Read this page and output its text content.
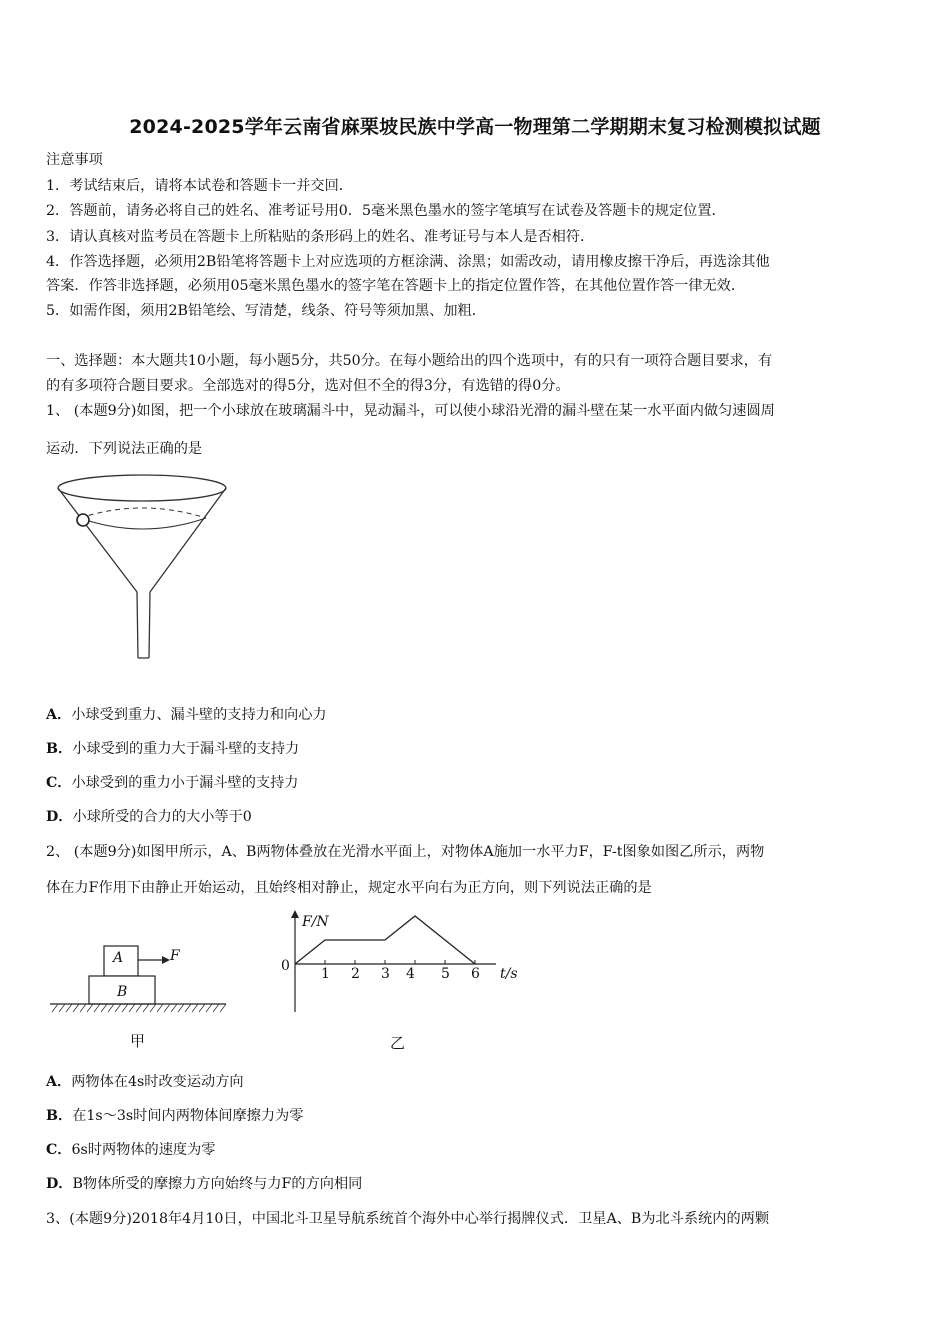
2024-2025学年云南省麻栗坡民族中学高一物理第二学期期末复习检测模拟试题
注意事项
1．考试结束后，请将本试卷和答题卡一并交回．
2．答题前，请务必将自己的姓名、准考证号用0．5毫米黑色墨水的签字笔填写在试卷及答题卡的规定位置．
3．请认真核对监考员在答题卡上所粘贴的条形码上的姓名、准考证号与本人是否相符．
4．作答选择题，必须用2B铅笔将答题卡上对应选项的方框涂满、涂黑；如需改动，请用橡皮擦干净后，再选涂其他
答案．作答非选择题，必须用05毫米黑色墨水的签字笔在答题卡上的指定位置作答，在其他位置作答一律无效．
5．如需作图，须用2B铅笔绘、写清楚，线条、符号等须加黑、加粗．
一、选择题：本大题共10小题，每小题5分，共50分。在每小题给出的四个选项中，有的只有一项符合题目要求，有
的有多项符合题目要求。全部选对的得5分，选对但不全的得3分，有选错的得0分。
1、 (本题9分)如图，把一个小球放在玻璃漏斗中，晃动漏斗，可以使小球沿光滑的漏斗壁在某一水平面内做匀速圆周
运动．下列说法正确的是
A．小球受到重力、漏斗壁的支持力和向心力
B．小球受到的重力大于漏斗壁的支持力
C．小球受到的重力小于漏斗壁的支持力
D．小球所受的合力的大小等于0
2、 (本题9分)如图甲所示，A、B两物体叠放在光滑水平面上，对物体A施加一水平力F，F-t图象如图乙所示，两物
体在力F作用下由静止开始运动，且始终相对静止，规定水平向右为正方向，则下列说法正确的是
A
B
F
甲
F/N
0 1 2 3 4 5 6 t/s
乙
A．两物体在4s时改变运动方向
B．在1s～3s时间内两物体间摩擦力为零
C．6s时两物体的速度为零
D．B物体所受的摩擦力方向始终与力F的方向相同
3、(本题9分)2018年4月10日，中国北斗卫星导航系统首个海外中心举行揭牌仪式．卫星A、B为北斗系统内的两颗
